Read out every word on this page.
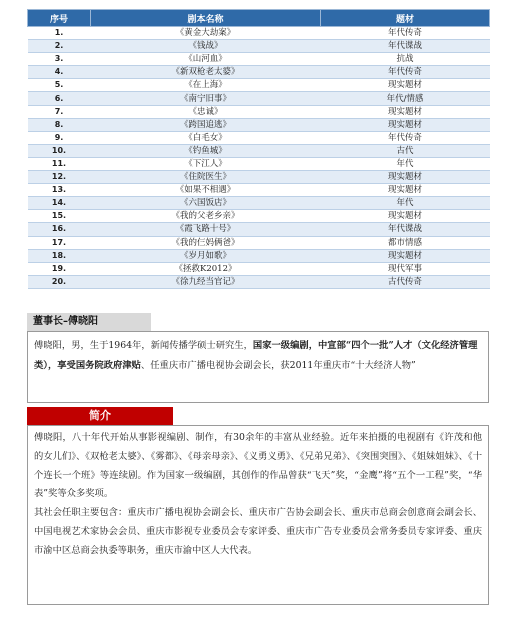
序号	剧本名称	题材
1.	《黄金大劫案》	年代传奇
2.	《钱战》	年代谍战
3.	《山河血》	抗战
4.	《新双枪老太婆》	年代传奇
5.	《在上海》	现实题材
6.	《南宁旧事》	年代/情感
7.	《忠诚》	现实题材
8.	《跨国追逃》	现实题材
9.	《白毛女》	年代传奇
10.	《钓鱼城》	古代
11.	《下江人》	年代
12.	《住院医生》	现实题材
13.	《如果不相遇》	现实题材
14.	《六国饭店》	年代
15.	《我的父老乡亲》	现实题材
16.	《霞飞路十号》	年代谍战
17.	《我的仨妈俩爸》	都市情感
18.	《岁月如歌》	现实题材
19.	《拯救K2012》	现代军事
20.	《徐九经当官记》	古代传奇
董事长–傅晓阳
傅晓阳，男，生于1964年，新闻传播学硕士研究生，国家一级编剧，中宣部“四个一批”人才（文化经济管理类），享受国务院政府津贴、任重庆市广播电视协会副会长，获2011年重庆市“十大经济人物”
简介

傅晓阳，八十年代开始从事影视编剧、制作，有30余年的丰富从业经验。近年来拍摄的电视剧有《许茂和他的女儿们》、《双枪老太婆》、《雾都》、《母亲母亲》、《义勇义勇》、《兄弟兄弟》、《突围突围》、《姐妹姐妹》、《十个连长一个班》等连续剧。作为国家一级编剧，其创作的作品曾获“飞天”奖，“金鹰”将“五个一工程”奖，“华表”奖等众多奖项。

其社会任职主要包含：重庆市广播电视协会副会长、重庆市广告协会副会长、重庆市总商会创意商会副会长、中国电视艺术家协会会员、重庆市影视专业委员会专家评委、重庆市广告专业委员会常务委员专家评委、重庆市渝中区总商会执委等职务，重庆市渝中区人大代表。
